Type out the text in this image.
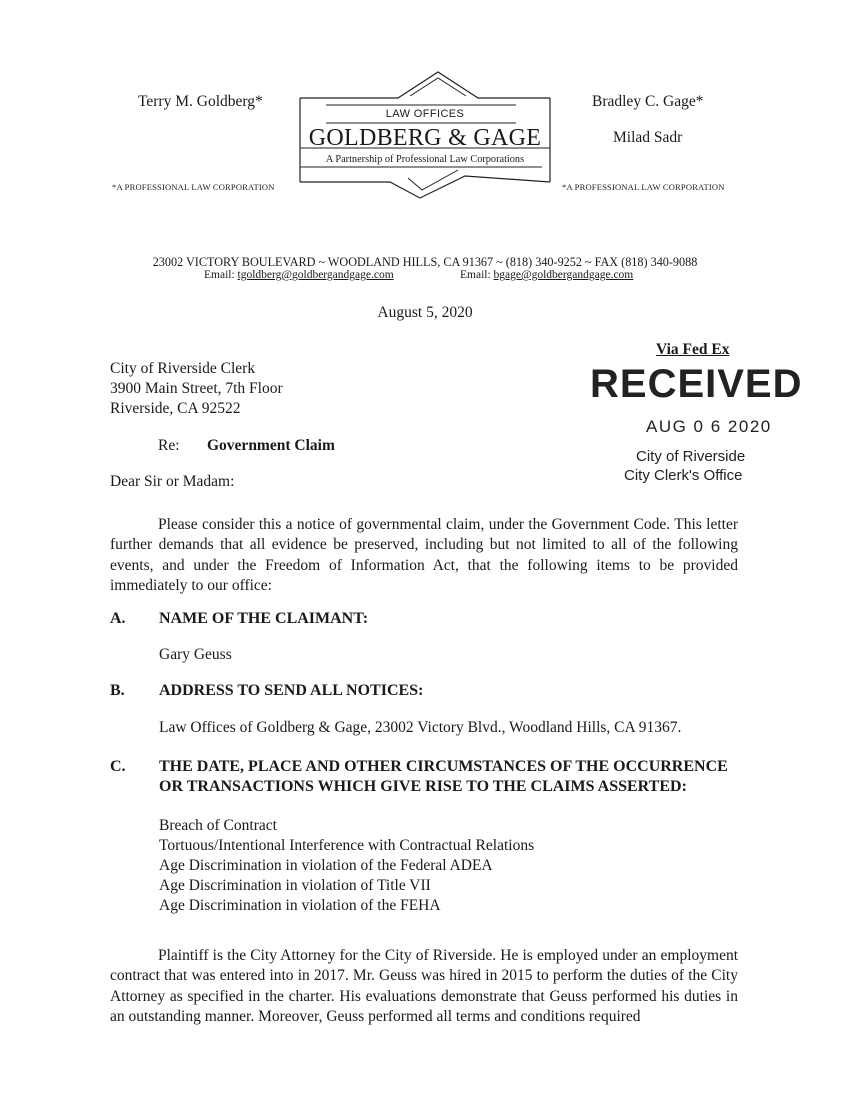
Terry M. Goldberg*
*A PROFESSIONAL LAW CORPORATION
Bradley C. Gage*
Milad Sadr
*A PROFESSIONAL LAW CORPORATION
LAW OFFICES
GOLDBERG & GAGE
A Partnership of Professional Law Corporations
23002 VICTORY BOULEVARD ~ WOODLAND HILLS, CA 91367 ~ (818) 340-9252 ~ FAX (818) 340-9088
Email: tgoldberg@goldbergandgage.com	Email: bgage@goldbergandgage.com
August 5, 2020
Via Fed Ex
City of Riverside Clerk
3900 Main Street, 7th Floor
Riverside, CA 92522
RECEIVED
AUG 0 6 2020
City of Riverside
City Clerk's Office
Re: Government Claim
Dear Sir or Madam:
Please consider this a notice of governmental claim, under the Government Code. This letter further demands that all evidence be preserved, including but not limited to all of the following events, and under the Freedom of Information Act, that the following items to be provided immediately to our office:
A. NAME OF THE CLAIMANT:
Gary Geuss
B. ADDRESS TO SEND ALL NOTICES:
Law Offices of Goldberg & Gage, 23002 Victory Blvd., Woodland Hills, CA 91367.
C. THE DATE, PLACE AND OTHER CIRCUMSTANCES OF THE OCCURRENCE
OR TRANSACTIONS WHICH GIVE RISE TO THE CLAIMS ASSERTED:
Breach of Contract
Tortuous/Intentional Interference with Contractual Relations
Age Discrimination in violation of the Federal ADEA
Age Discrimination in violation of Title VII
Age Discrimination in violation of the FEHA
Plaintiff is the City Attorney for the City of Riverside. He is employed under an employment contract that was entered into in 2017. Mr. Geuss was hired in 2015 to perform the duties of the City Attorney as specified in the charter. His evaluations demonstrate that Geuss performed his duties in an outstanding manner. Moreover, Geuss performed all terms and conditions required
